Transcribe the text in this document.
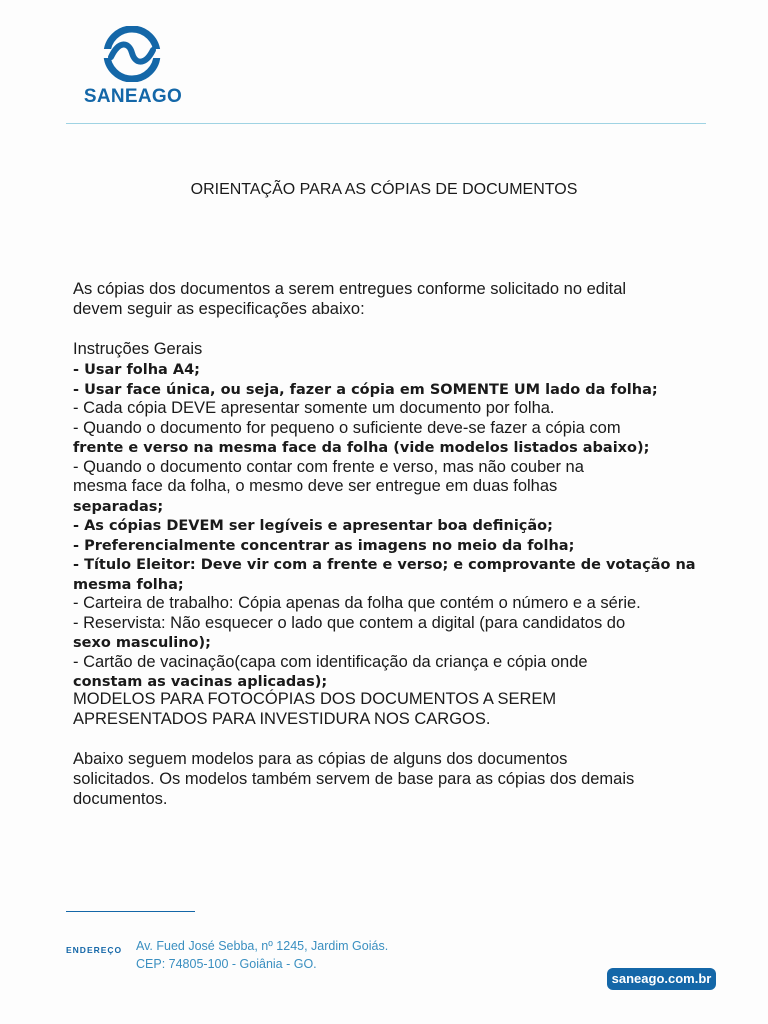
SANEAGO
ORIENTAÇÃO PARA AS CÓPIAS DE DOCUMENTOS
As cópias dos documentos a serem entregues conforme solicitado no edital
devem seguir as especificações abaixo:
Instruções Gerais
- Usar folha A4;
- Usar face única, ou seja, fazer a cópia em SOMENTE UM lado da folha;
- Cada cópia DEVE apresentar somente um documento por folha.
- Quando o documento for pequeno o suficiente deve-se fazer a cópia com
frente e verso na mesma face da folha (vide modelos listados abaixo);
- Quando o documento contar com frente e verso, mas não couber na
mesma face da folha, o mesmo deve ser entregue em duas folhas
separadas;
- As cópias DEVEM ser legíveis e apresentar boa definição;
- Preferencialmente concentrar as imagens no meio da folha;
- Título Eleitor: Deve vir com a frente e verso; e comprovante de votação na
mesma folha;
- Carteira de trabalho: Cópia apenas da folha que contém o número e a série.
- Reservista: Não esquecer o lado que contem a digital (para candidatos do
sexo masculino);
- Cartão de vacinação(capa com identificação da criança e cópia onde
constam as vacinas aplicadas);
MODELOS PARA FOTOCÓPIAS DOS DOCUMENTOS A SEREM
APRESENTADOS PARA INVESTIDURA NOS CARGOS.
Abaixo seguem modelos para as cópias de alguns dos documentos
solicitados. Os modelos também servem de base para as cópias dos demais
documentos.
ENDEREÇO Av. Fued José Sebba, nº 1245, Jardim Goiás.
CEP: 74805-100 - Goiânia - GO.
saneago.com.br
